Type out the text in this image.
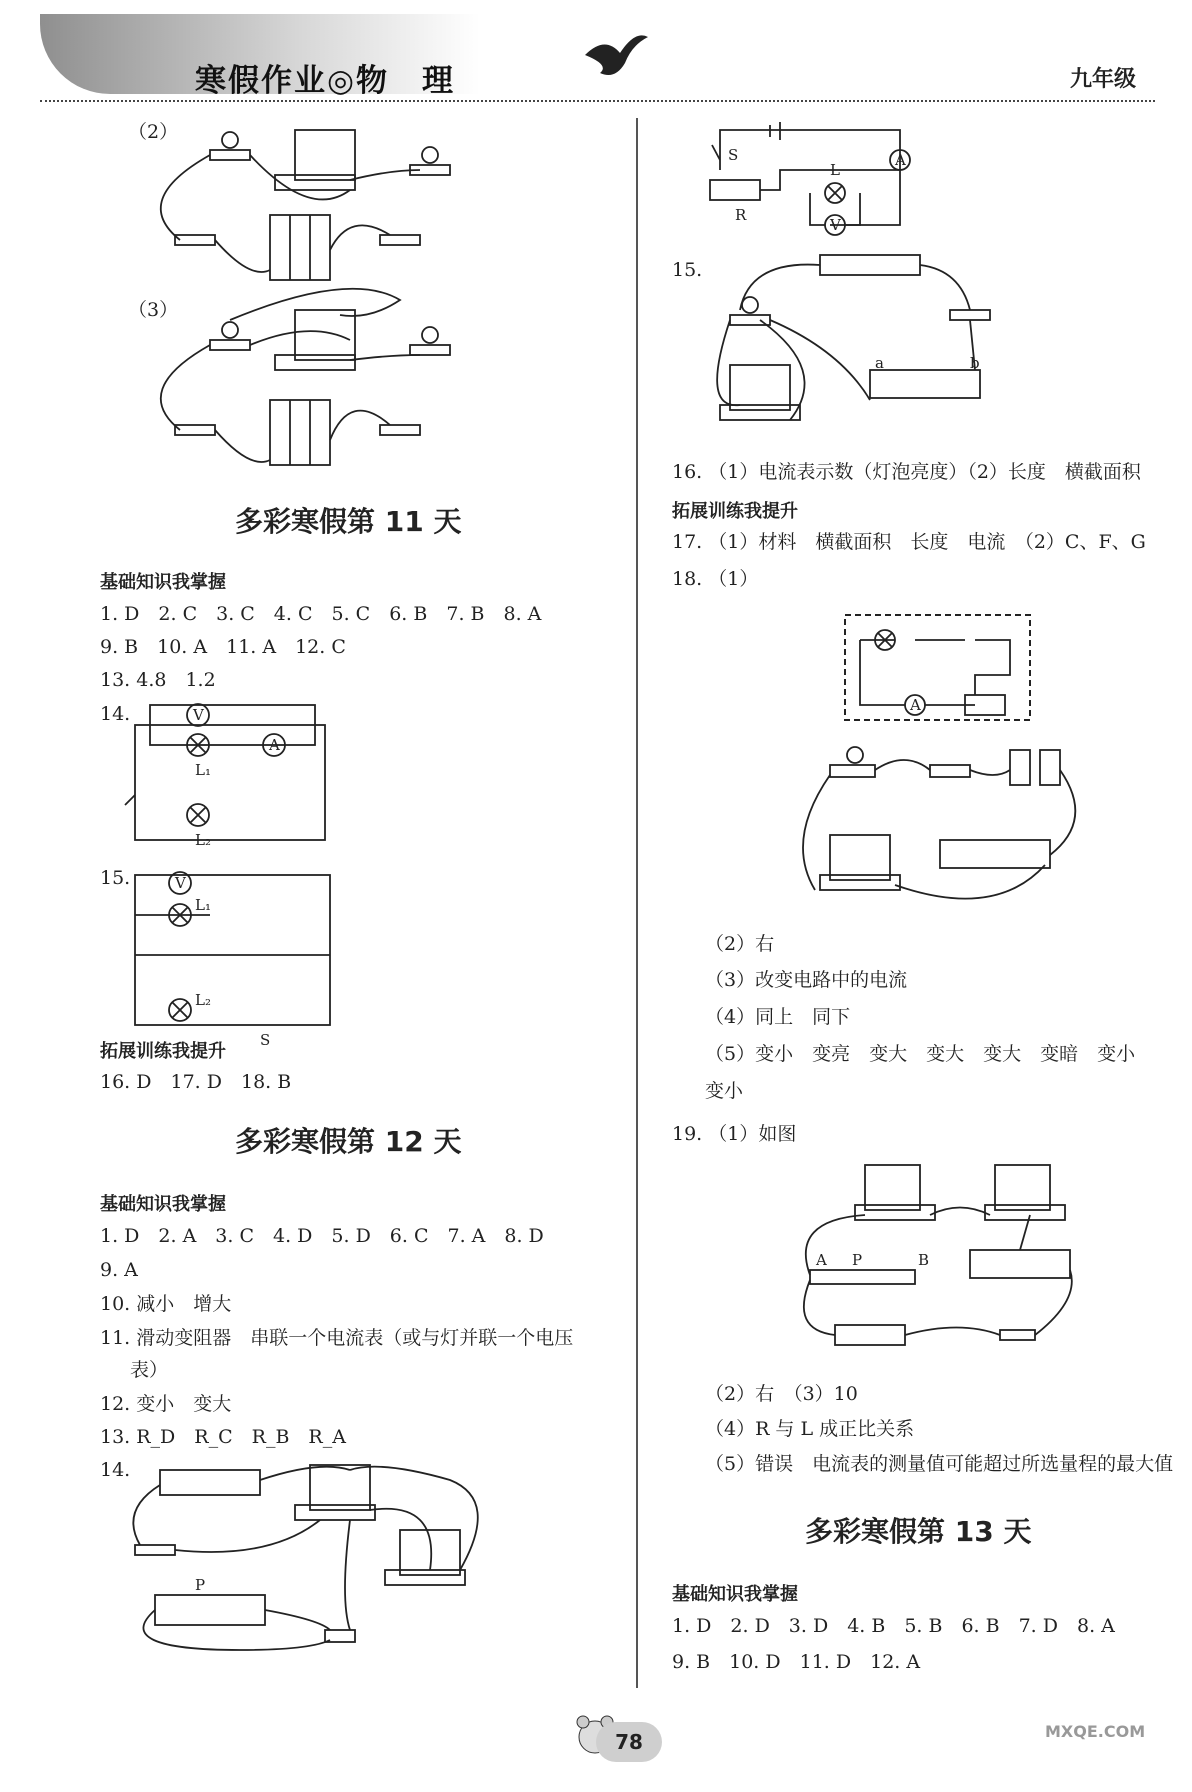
寒假作业◎物　理	九年级
（2）
（3）
多彩寒假第 11 天
基础知识我掌握
1. D　2. C　3. C　4. C　5. C　6. B　7. B　8. A
9. B　10. A　11. A　12. C
13. 4.8　1.2
14.	V
A
L₁
L₂
15.	V
L₁
L₂
S
拓展训练我提升
16. D　17. D　18. B
多彩寒假第 12 天
基础知识我掌握
1. D　2. A　3. C　4. D　5. D　6. C　7. A　8. D
9. A
10. 减小　增大
11. 滑动变阻器　串联一个电流表（或与灯并联一个电压
表）
12. 变小　变大
13. R_D　R_C　R_B　R_A
14.
P
A
S
R
L
V
15.
a	b
16. （1）电流表示数（灯泡亮度）（2）长度　横截面积
拓展训练我提升
17. （1）材料　横截面积　长度　电流　（2）C、F、G
18. （1）
A
（2）右
（3）改变电路中的电流
（4）同上　同下
（5）变小　变亮　变大　变大　变大　变暗　变小
变小
19. （1）如图
A P	B
（2）右　（3）10
（4）R 与 L 成正比关系
（5）错误　电流表的测量值可能超过所选量程的最大值
多彩寒假第 13 天
基础知识我掌握
1. D　2. D　3. D　4. B　5. B　6. B　7. D　8. A
9. B　10. D　11. D　12. A
78	MXQE.COM
